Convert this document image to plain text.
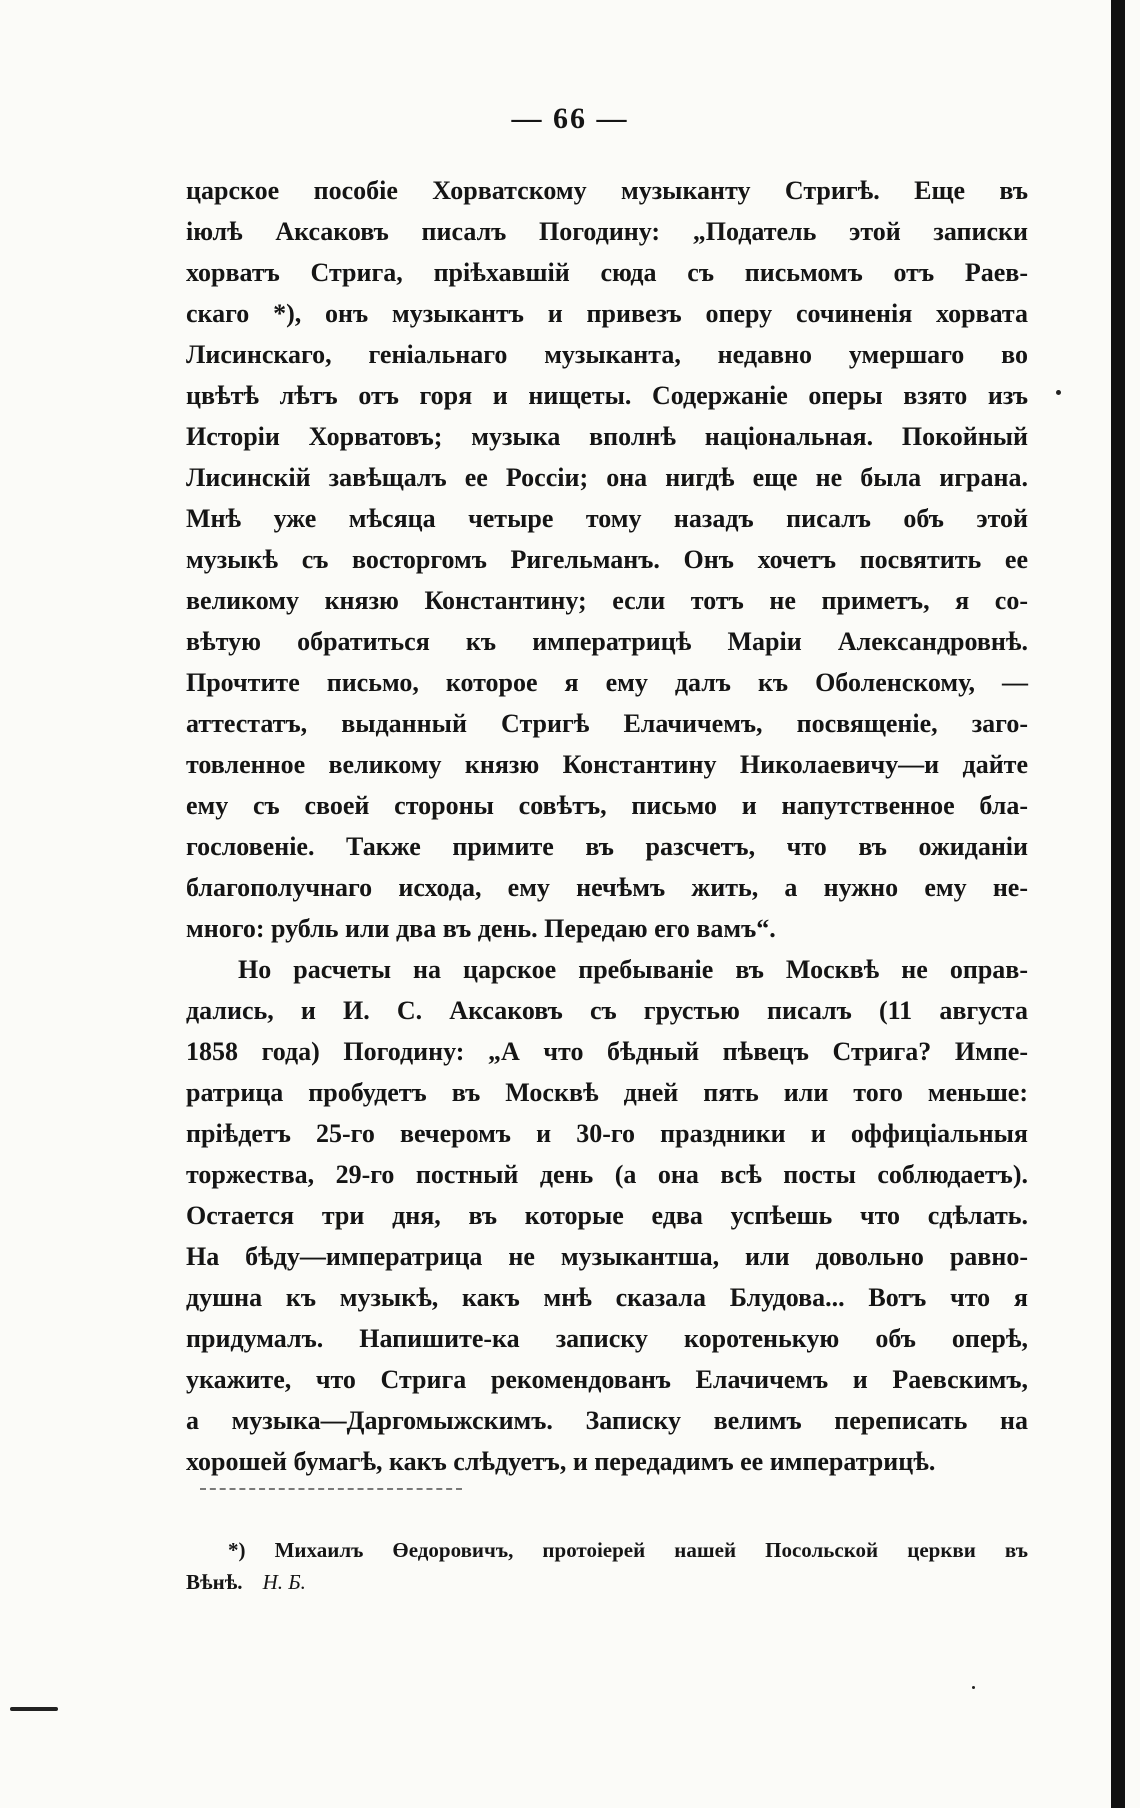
— 66 —
царское пособіе Хорватскому музыканту Стригѣ. Еще въ
іюлѣ Аксаковъ писалъ Погодину: „Податель этой записки
хорватъ Стрига, пріѣхавшій сюда съ письмомъ отъ Раев-
скаго *), онъ музыкантъ и привезъ оперу сочиненія хорвата
Лисинскаго, геніальнаго музыканта, недавно умершаго во
цвѣтѣ лѣтъ отъ горя и нищеты. Содержаніе оперы взято изъ
Исторіи Хорватовъ; музыка вполнѣ національная. Покойный
Лисинскій завѣщалъ ее Россіи; она нигдѣ еще не была играна.
Мнѣ уже мѣсяца четыре тому назадъ писалъ объ этой
музыкѣ съ восторгомъ Ригельманъ. Онъ хочетъ посвятить ее
великому князю Константину; если тотъ не приметъ, я со-
вѣтую обратиться къ императрицѣ Маріи Александровнѣ.
Прочтите письмо, которое я ему далъ къ Оболенскому, —
аттестатъ, выданный Стригѣ Елачичемъ, посвященіе, заго-
товленное великому князю Константину Николаевичу—и дайте
ему съ своей стороны совѣтъ, письмо и напутственное бла-
гословеніе. Также примите въ разсчетъ, что въ ожиданіи
благополучнаго исхода, ему нечѣмъ жить, а нужно ему не-
много: рубль или два въ день. Передаю его вамъ“.
Но расчеты на царское пребываніе въ Москвѣ не оправ-
дались, и И. С. Аксаковъ съ грустью писалъ (11 августа
1858 года) Погодину: „А что бѣдный пѣвецъ Стрига? Импе-
ратрица пробудетъ въ Москвѣ дней пять или того меньше:
пріѣдетъ 25-го вечеромъ и 30-го праздники и оффиціальныя
торжества, 29-го постный день (а она всѣ посты соблюдаетъ).
Остается три дня, въ которые едва успѣешь что сдѣлать.
На бѣду—императрица не музыкантша, или довольно равно-
душна къ музыкѣ, какъ мнѣ сказала Блудова... Вотъ что я
придумалъ. Напишите-ка записку коротенькую объ оперѣ,
укажите, что Стрига рекомендованъ Елачичемъ и Раевскимъ,
а музыка—Даргомыжскимъ. Записку велимъ переписать на
хорошей бумагѣ, какъ слѣдуетъ, и передадимъ ее императрицѣ.
*) Михаилъ Өедоровичъ, протоіерей нашей Посольской церкви въ
Вѣнѣ. Н. Б.
